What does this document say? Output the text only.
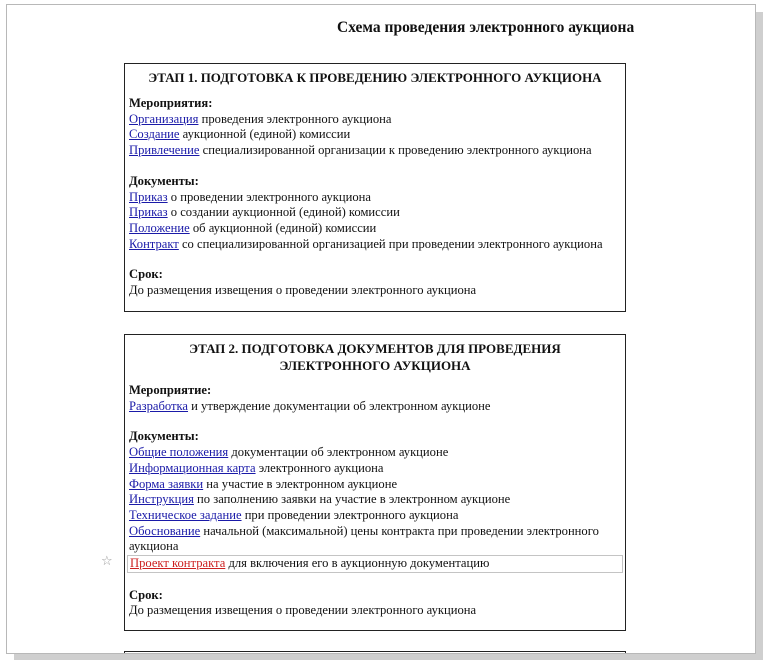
Схема проведения электронного аукциона
ЭТАП 1. ПОДГОТОВКА К ПРОВЕДЕНИЮ ЭЛЕКТРОННОГО АУКЦИОНА
Мероприятия:
Организация проведения электронного аукциона
Создание аукционной (единой) комиссии
Привлечение специализированной организации к проведению электронного аукциона
Документы:
Приказ о проведении электронного аукциона
Приказ о создании аукционной (единой) комиссии
Положение об аукционной (единой) комиссии
Контракт со специализированной организацией при проведении электронного аукциона
Срок:
До размещения извещения о проведении электронного аукциона
ЭТАП 2. ПОДГОТОВКА ДОКУМЕНТОВ ДЛЯ ПРОВЕДЕНИЯ ЭЛЕКТРОННОГО АУКЦИОНА
Мероприятие:
Разработка и утверждение документации об электронном аукционе
Документы:
Общие положения документации об электронном аукционе
Информационная карта электронного аукциона
Форма заявки на участие в электронном аукционе
Инструкция по заполнению заявки на участие в электронном аукционе
Техническое задание при проведении электронного аукциона
Обоснование начальной (максимальной) цены контракта при проведении электронного аукциона
☆ Проект контракта для включения его в аукционную документацию
Срок:
До размещения извещения о проведении электронного аукциона
